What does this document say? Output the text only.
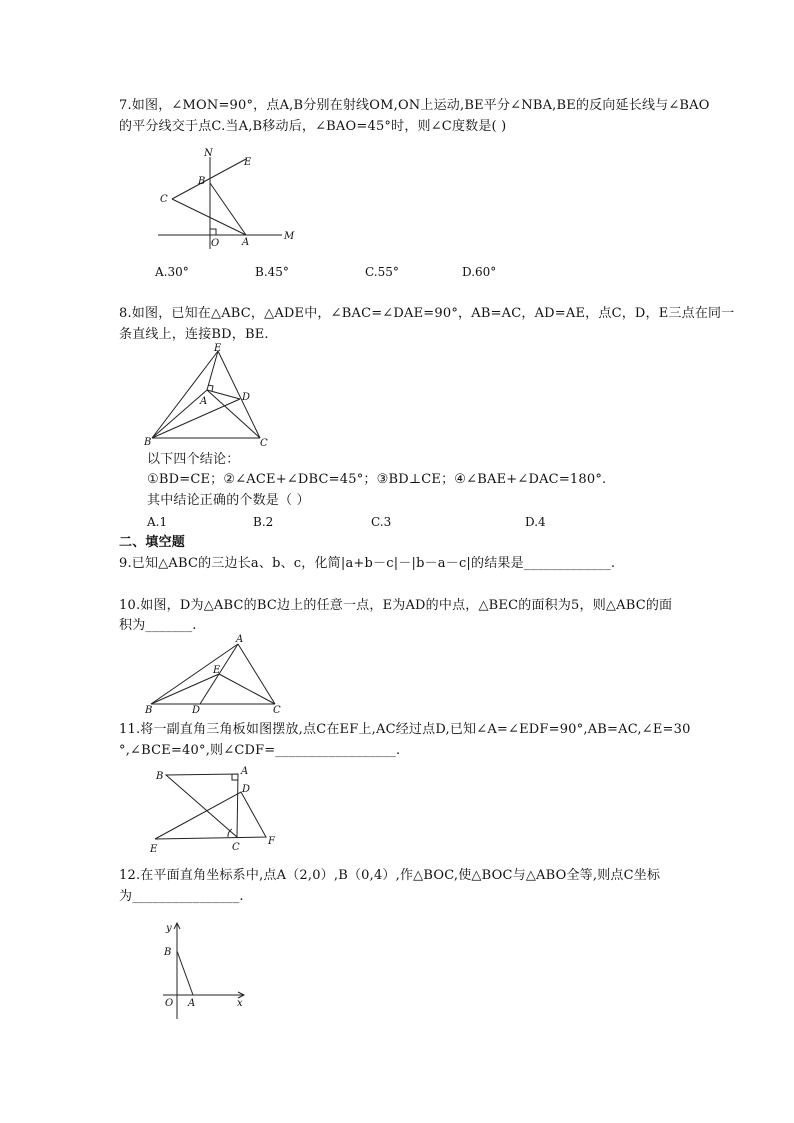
7.如图，∠MON=90°，点A,B分别在射线OM,ON上运动,BE平分∠NBA,BE的反向延长线与∠BAO
的平分线交于点C.当A,B移动后，∠BAO=45°时，则∠C度数是( )
N
E
B
C
O A
M
A.30°	B.45°	C.55°	D.60°
8.如图，已知在△ABC，△ADE中，∠BAC=∠DAE=90°，AB=AC，AD=AE，点C，D，E三点在同一
条直线上，连接BD，BE.
E
A	D
B	C
以下四个结论：
①BD=CE；②∠ACE+∠DBC=45°；③BD⊥CE；④∠BAE+∠DAC=180°.
其中结论正确的个数是（ ）
A.1	B.2	C.3	D.4
二、填空题
9.已知△ABC的三边长a、b、c，化简|a+b－c|－|b－a－c|的结果是_____________.
10.如图，D为△ABC的BC边上的任意一点，E为AD的中点，△BEC的面积为5，则△ABC的面
积为_______.
A
E
B	D	C
11.将一副直角三角板如图摆放,点C在EF上,AC经过点D,已知∠A=∠EDF=90°,AB=AC,∠E=30
°,∠BCE=40°,则∠CDF=__________________.
B	A
D
E	C
F
12.在平面直角坐标系中,点A（2,0）,B（0,4）,作△BOC,使△BOC与△ABO全等,则点C坐标
为________________.
y
B
O A	x
